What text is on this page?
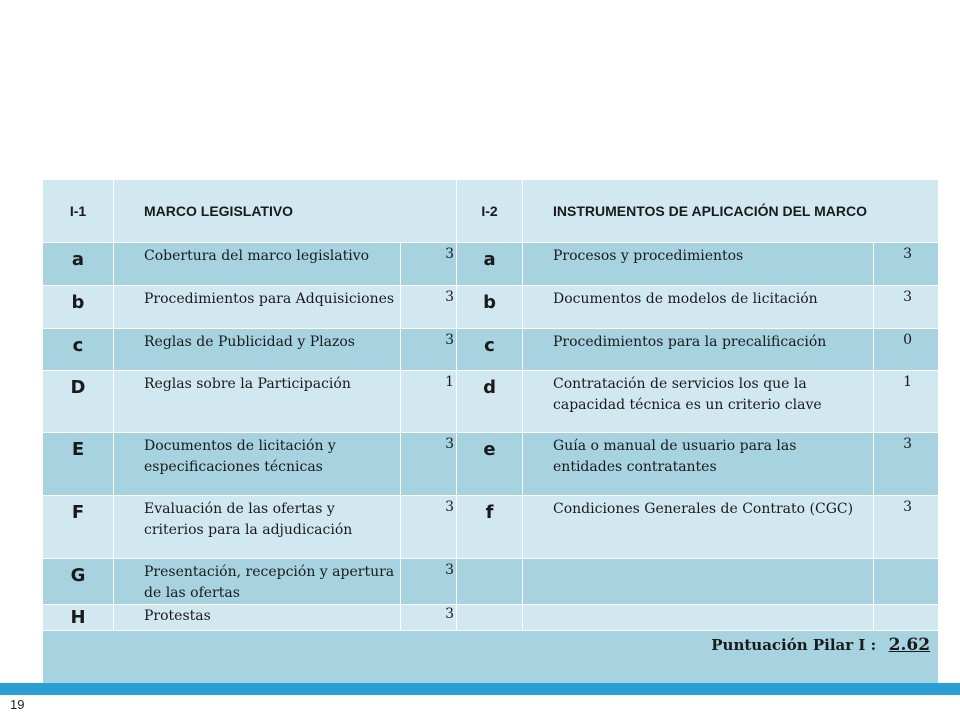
I-1	MARCO LEGISLATIVO		I-2	INSTRUMENTOS DE APLICACIÓN DEL MARCO	
a	Cobertura del marco legislativo	3	a	Procesos y procedimientos	3
b	Procedimientos para Adquisiciones	3	b	Documentos de modelos de licitación	3
c	Reglas de Publicidad y Plazos	3	c	Procedimientos para la precalificación	0
D	Reglas sobre la Participación	1	d	Contratación de servicios los que la capacidad técnica es un criterio clave	1
E	Documentos de licitación y especificaciones técnicas	3	e	Guía o manual de usuario para las entidades contratantes	3
F	Evaluación de las ofertas y criterios para la adjudicación	3	f	Condiciones Generales de Contrato (CGC)	3
G	Presentación, recepción y apertura de las ofertas	3			
H	Protestas	3			
Puntuación Pilar I : 2.62					
19
